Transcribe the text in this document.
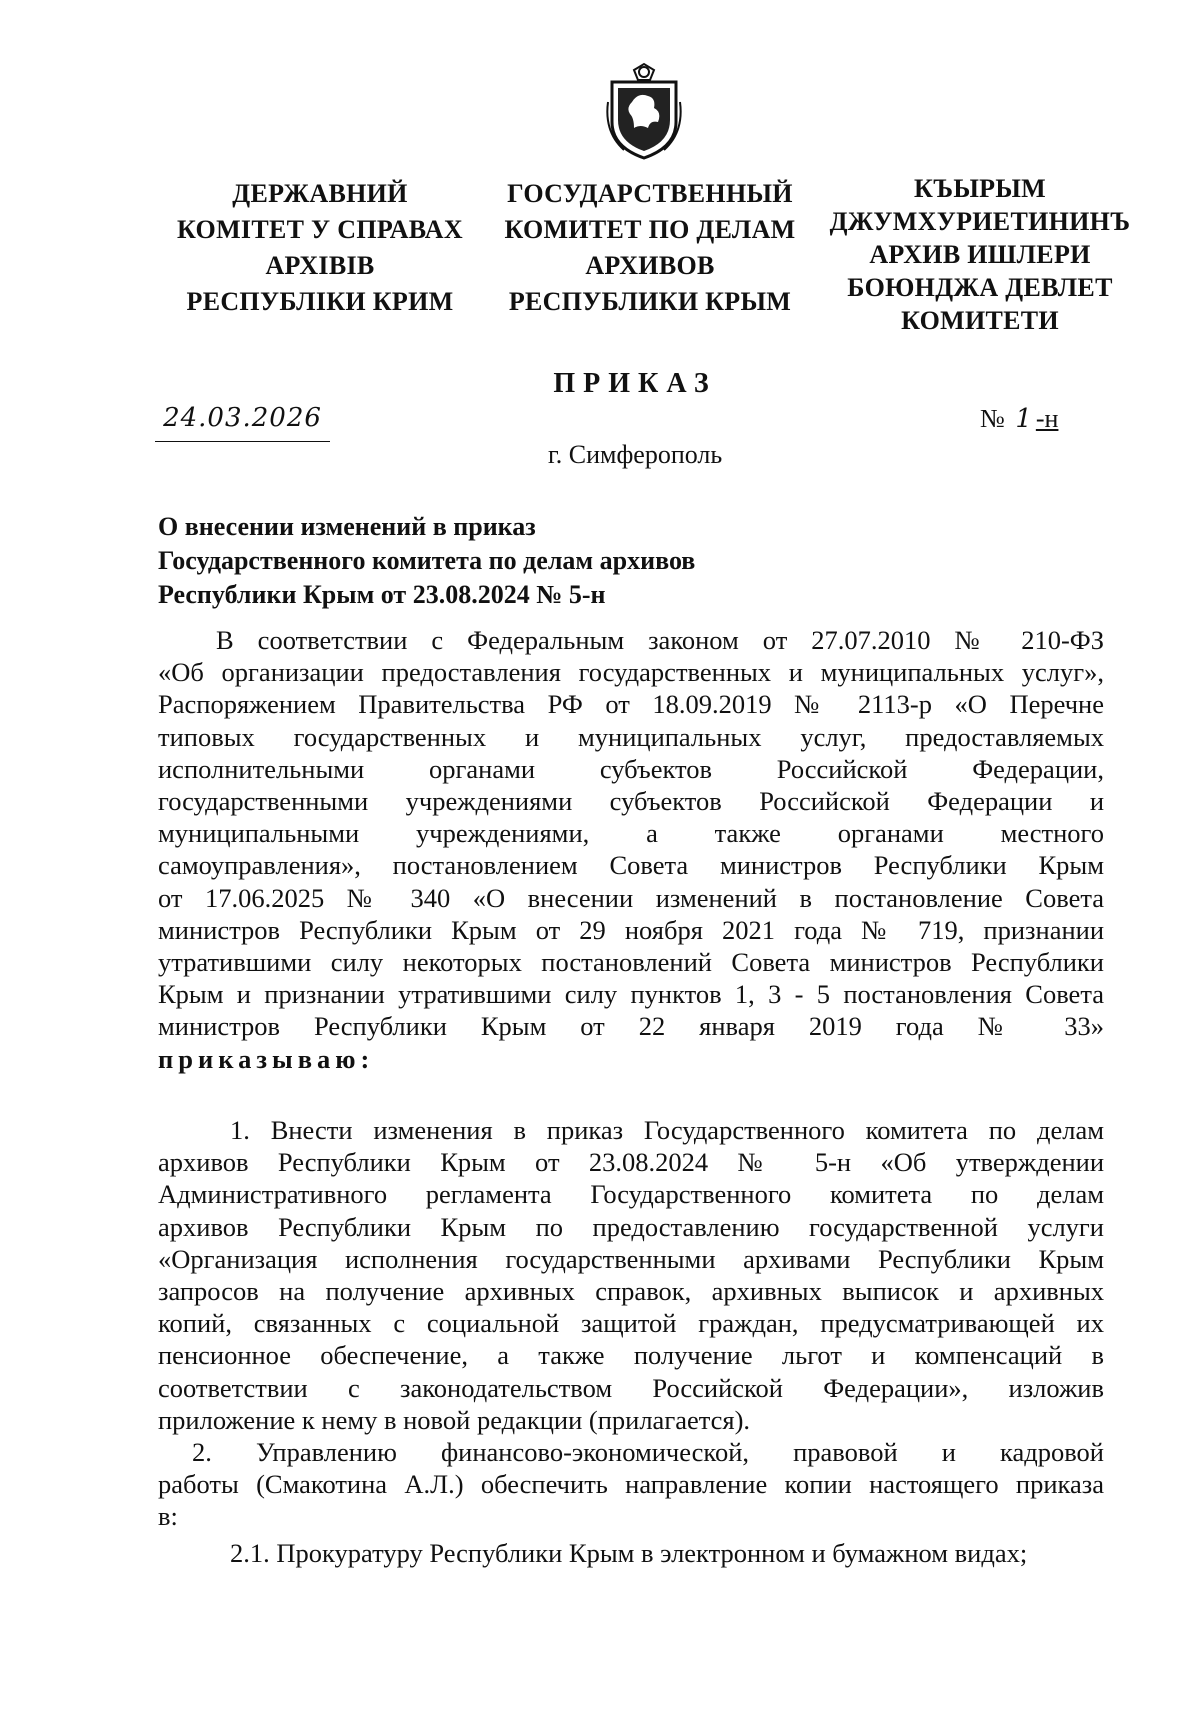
ДЕРЖАВНИЙ
КОМІТЕТ У СПРАВАХ
АРХІВІВ
РЕСПУБЛІКИ КРИМ
ГОСУДАРСТВЕННЫЙ
КОМИТЕТ ПО ДЕЛАМ
АРХИВОВ
РЕСПУБЛИКИ КРЫМ
КЪЫРЫМ
ДЖУМХУРИЕТИНИНЪ
АРХИВ ИШЛЕРИ
БОЮНДЖА ДЕВЛЕТ
КОМИТЕТИ
ПРИКАЗ
24.03.2026	№ 1 -н
г. Симферополь
О внесении изменений в приказ
Государственного комитета по делам архивов
Республики Крым от 23.08.2024 № 5-н
В соответствии с Федеральным законом от 27.07.2010 № 210-ФЗ
«Об организации предоставления государственных и муниципальных услуг»,
Распоряжением Правительства РФ от 18.09.2019 № 2113-р «О Перечне
типовых государственных и муниципальных услуг, предоставляемых
исполнительными органами субъектов Российской Федерации,
государственными учреждениями субъектов Российской Федерации и
муниципальными учреждениями, а также органами местного
самоуправления», постановлением Совета министров Республики Крым
от 17.06.2025 № 340 «О внесении изменений в постановление Совета
министров Республики Крым от 29 ноября 2021 года № 719, признании
утратившими силу некоторых постановлений Совета министров Республики
Крым и признании утратившими силу пунктов 1, 3 - 5 постановления Совета
министров Республики Крым от 22 января 2019 года № 33»
приказываю:
1. Внести изменения в приказ Государственного комитета по делам
архивов Республики Крым от 23.08.2024 № 5-н «Об утверждении
Административного регламента Государственного комитета по делам
архивов Республики Крым по предоставлению государственной услуги
«Организация исполнения государственными архивами Республики Крым
запросов на получение архивных справок, архивных выписок и архивных
копий, связанных с социальной защитой граждан, предусматривающей их
пенсионное обеспечение, а также получение льгот и компенсаций в
соответствии с законодательством Российской Федерации», изложив
приложение к нему в новой редакции (прилагается).
2. Управлению финансово-экономической, правовой и кадровой
работы (Смакотина А.Л.) обеспечить направление копии настоящего приказа
в:
2.1. Прокуратуру Республики Крым в электронном и бумажном видах;
